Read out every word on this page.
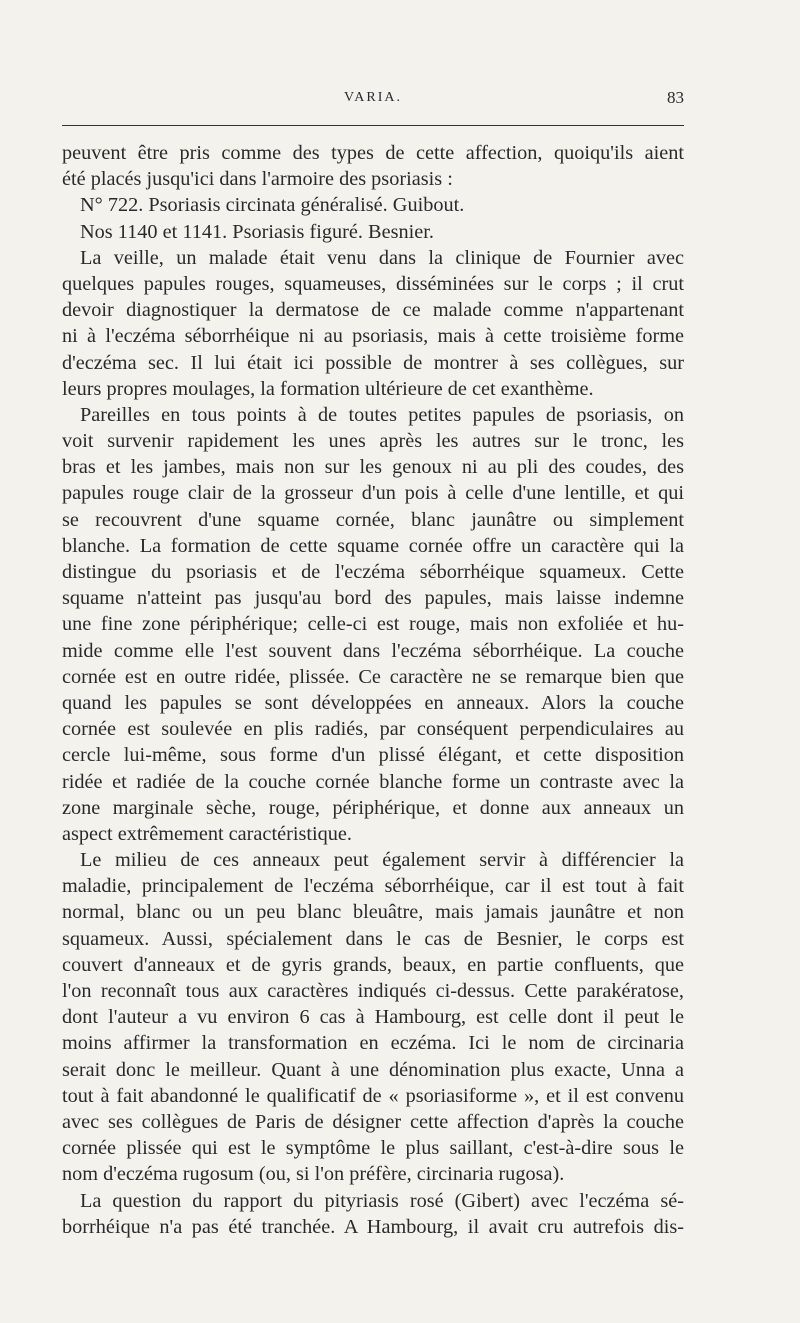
VARIA.	83
peuvent être pris comme des types de cette affection, quoiqu'ils aient
été placés jusqu'ici dans l'armoire des psoriasis :
N° 722. Psoriasis circinata généralisé. Guibout.
Nos 1140 et 1141. Psoriasis figuré. Besnier.
La veille, un malade était venu dans la clinique de Fournier avec
quelques papules rouges, squameuses, disséminées sur le corps ; il crut
devoir diagnostiquer la dermatose de ce malade comme n'appartenant
ni à l'eczéma séborrhéique ni au psoriasis, mais à cette troisième forme
d'eczéma sec. Il lui était ici possible de montrer à ses collègues, sur
leurs propres moulages, la formation ultérieure de cet exanthème.
Pareilles en tous points à de toutes petites papules de psoriasis, on
voit survenir rapidement les unes après les autres sur le tronc, les
bras et les jambes, mais non sur les genoux ni au pli des coudes, des
papules rouge clair de la grosseur d'un pois à celle d'une lentille, et qui
se recouvrent d'une squame cornée, blanc jaunâtre ou simplement
blanche. La formation de cette squame cornée offre un caractère qui la
distingue du psoriasis et de l'eczéma séborrhéique squameux. Cette
squame n'atteint pas jusqu'au bord des papules, mais laisse indemne
une fine zone périphérique; celle-ci est rouge, mais non exfoliée et hu-
mide comme elle l'est souvent dans l'eczéma séborrhéique. La couche
cornée est en outre ridée, plissée. Ce caractère ne se remarque bien que
quand les papules se sont développées en anneaux. Alors la couche
cornée est soulevée en plis radiés, par conséquent perpendiculaires au
cercle lui-même, sous forme d'un plissé élégant, et cette disposition
ridée et radiée de la couche cornée blanche forme un contraste avec la
zone marginale sèche, rouge, périphérique, et donne aux anneaux un
aspect extrêmement caractéristique.
Le milieu de ces anneaux peut également servir à différencier la
maladie, principalement de l'eczéma séborrhéique, car il est tout à fait
normal, blanc ou un peu blanc bleuâtre, mais jamais jaunâtre et non
squameux. Aussi, spécialement dans le cas de Besnier, le corps est
couvert d'anneaux et de gyris grands, beaux, en partie confluents, que
l'on reconnaît tous aux caractères indiqués ci-dessus. Cette parakératose,
dont l'auteur a vu environ 6 cas à Hambourg, est celle dont il peut le
moins affirmer la transformation en eczéma. Ici le nom de circinaria
serait donc le meilleur. Quant à une dénomination plus exacte, Unna a
tout à fait abandonné le qualificatif de « psoriasiforme », et il est convenu
avec ses collègues de Paris de désigner cette affection d'après la couche
cornée plissée qui est le symptôme le plus saillant, c'est-à-dire sous le
nom d'eczéma rugosum (ou, si l'on préfère, circinaria rugosa).
La question du rapport du pityriasis rosé (Gibert) avec l'eczéma sé-
borrhéique n'a pas été tranchée. A Hambourg, il avait cru autrefois dis-
